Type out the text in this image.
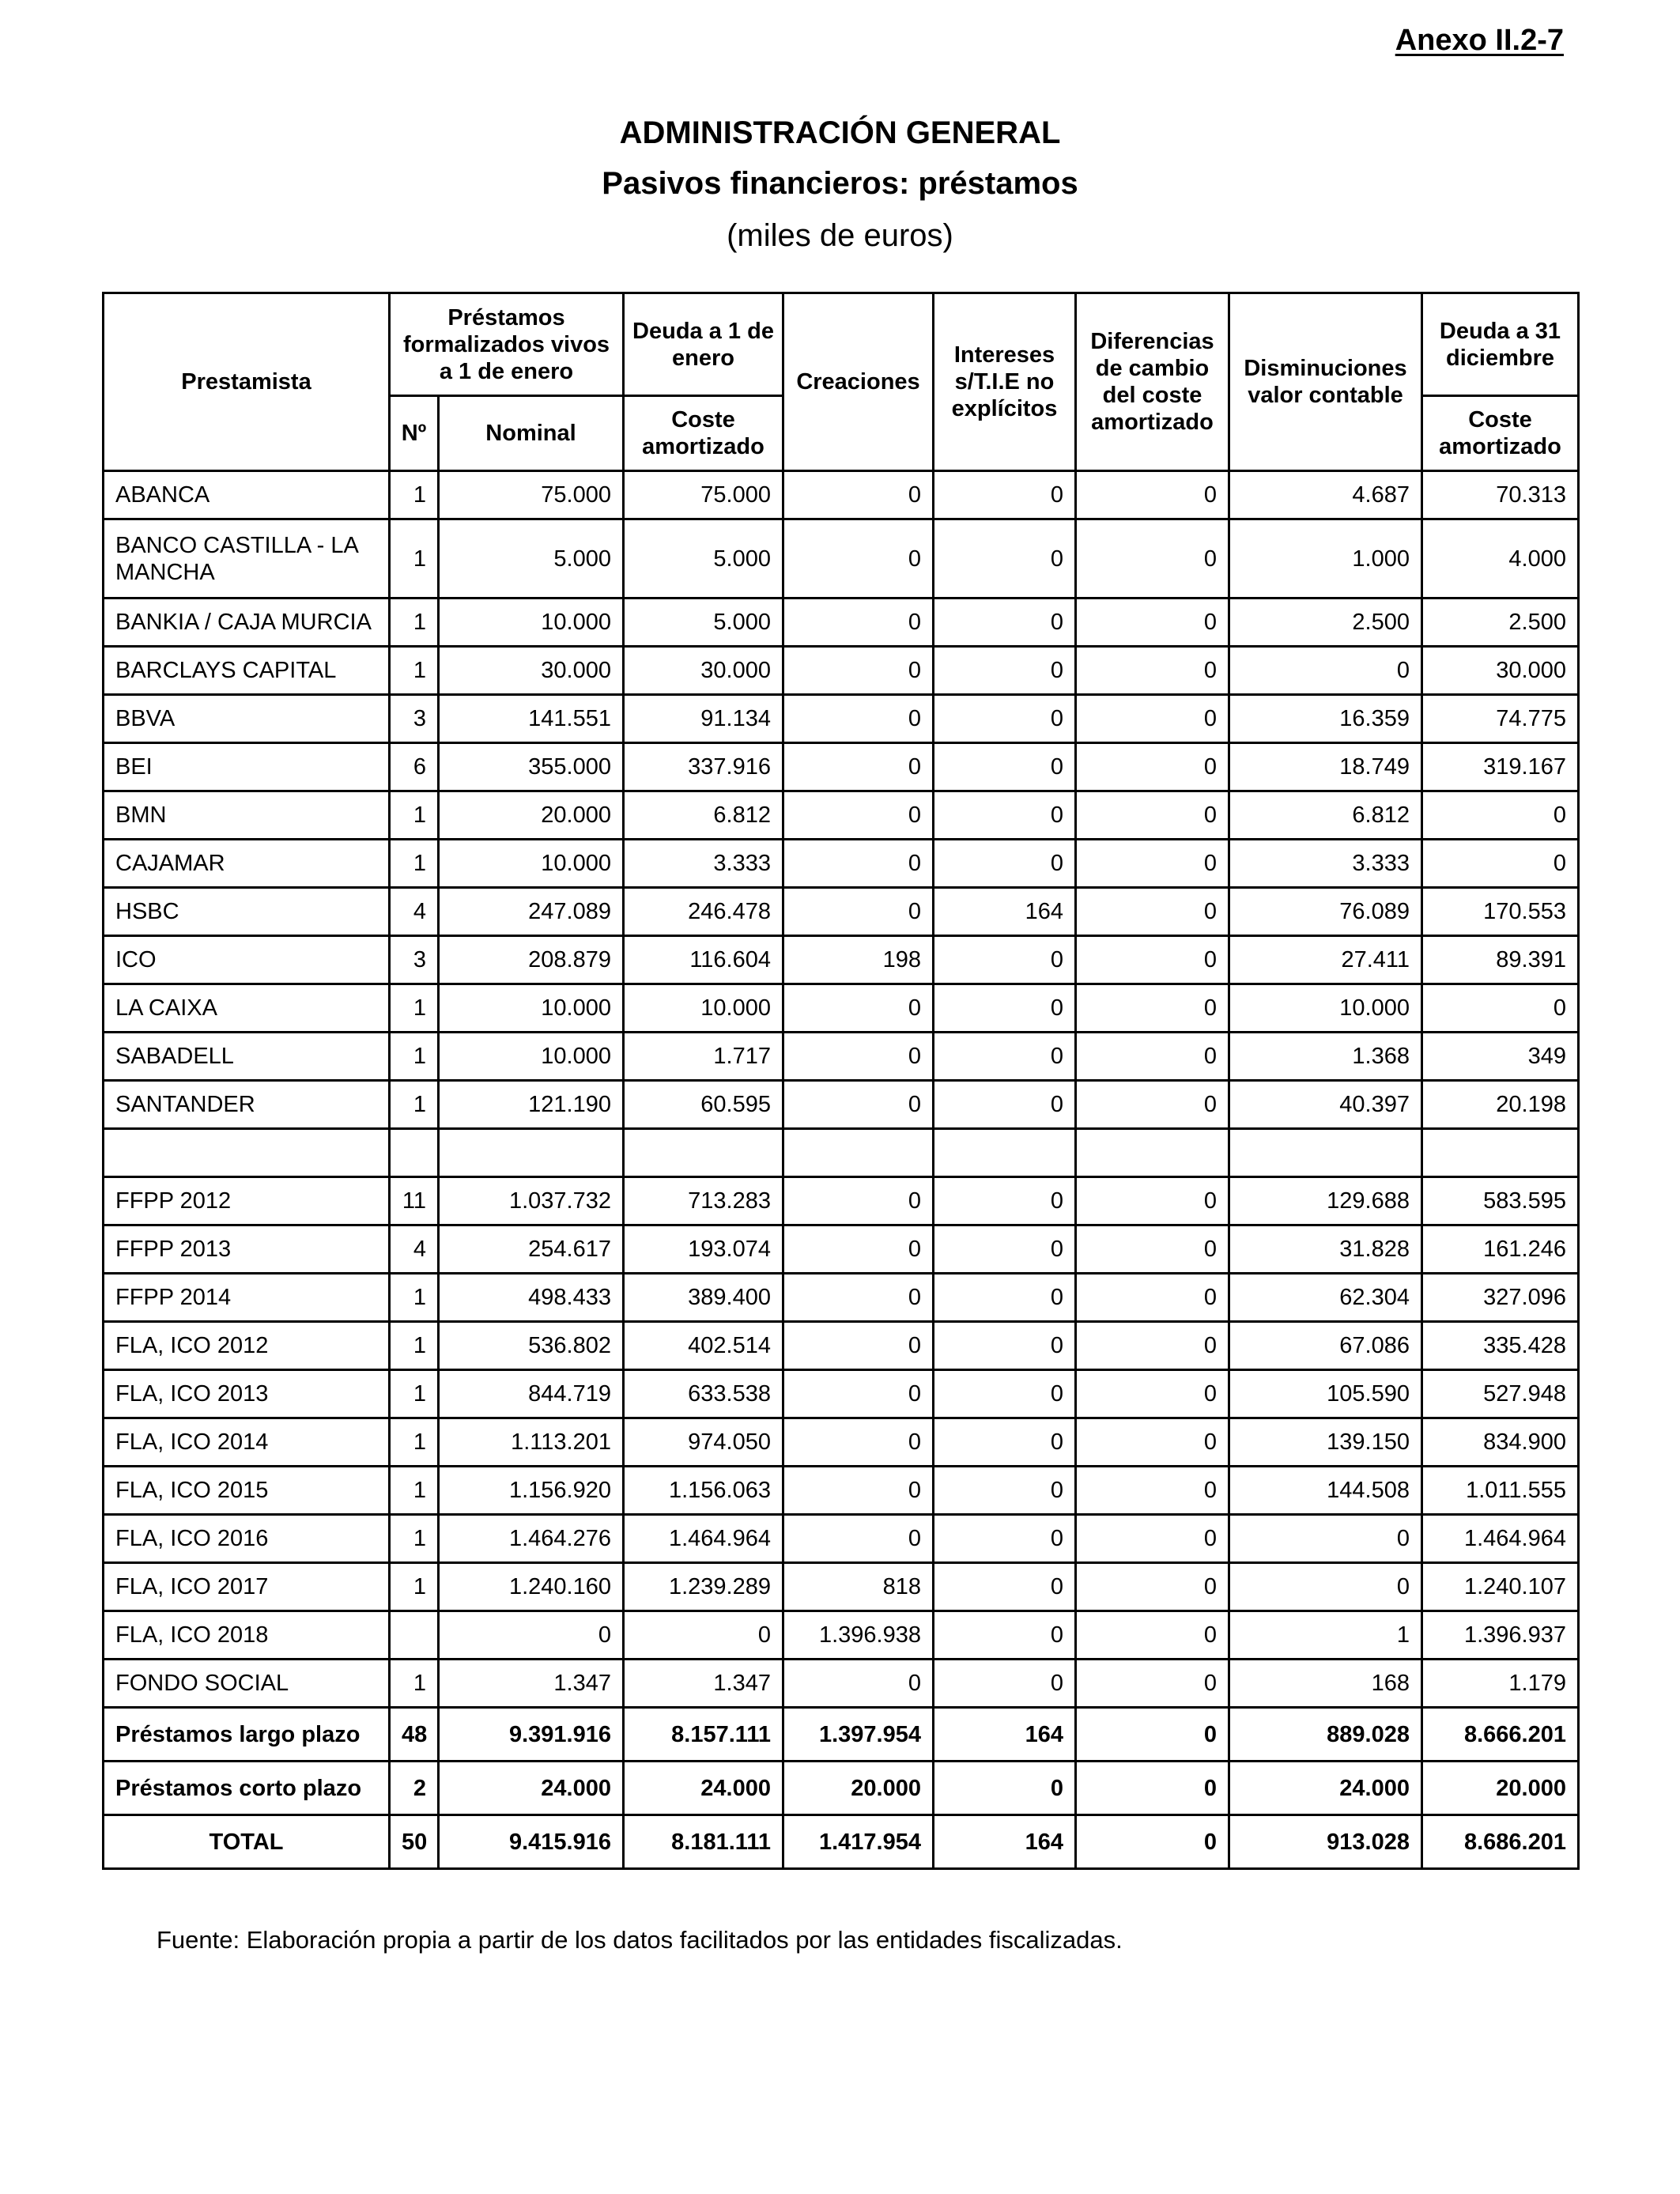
Anexo II.2-7
ADMINISTRACIÓN GENERAL
Pasivos financieros: préstamos
(miles de euros)
Prestamista	Préstamos formalizados vivos a 1 de enero		Deuda a 1 de enero	Creaciones	Intereses s/T.I.E no explícitos	Diferencias de cambio del coste amortizado	Disminuciones valor contable	Deuda a 31 diciembre
	Nº	Nominal	Coste amortizado					Coste amortizado
ABANCA	1	75.000	75.000	0	0	0	4.687	70.313
BANCO CASTILLA - LA MANCHA	1	5.000	5.000	0	0	0	1.000	4.000
BANKIA / CAJA MURCIA	1	10.000	5.000	0	0	0	2.500	2.500
BARCLAYS CAPITAL	1	30.000	30.000	0	0	0	0	30.000
BBVA	3	141.551	91.134	0	0	0	16.359	74.775
BEI	6	355.000	337.916	0	0	0	18.749	319.167
BMN	1	20.000	6.812	0	0	0	6.812	0
CAJAMAR	1	10.000	3.333	0	0	0	3.333	0
HSBC	4	247.089	246.478	0	164	0	76.089	170.553
ICO	3	208.879	116.604	198	0	0	27.411	89.391
LA CAIXA	1	10.000	10.000	0	0	0	10.000	0
SABADELL	1	10.000	1.717	0	0	0	1.368	349
SANTANDER	1	121.190	60.595	0	0	0	40.397	20.198

FFPP 2012	11	1.037.732	713.283	0	0	0	129.688	583.595
FFPP 2013	4	254.617	193.074	0	0	0	31.828	161.246
FFPP 2014	1	498.433	389.400	0	0	0	62.304	327.096
FLA, ICO 2012	1	536.802	402.514	0	0	0	67.086	335.428
FLA, ICO 2013	1	844.719	633.538	0	0	0	105.590	527.948
FLA, ICO 2014	1	1.113.201	974.050	0	0	0	139.150	834.900
FLA, ICO 2015	1	1.156.920	1.156.063	0	0	0	144.508	1.011.555
FLA, ICO 2016	1	1.464.276	1.464.964	0	0	0	0	1.464.964
FLA, ICO 2017	1	1.240.160	1.239.289	818	0	0	0	1.240.107
FLA, ICO 2018		0	0	1.396.938	0	0	1	1.396.937
FONDO SOCIAL	1	1.347	1.347	0	0	0	168	1.179
Préstamos largo plazo	48	9.391.916	8.157.111	1.397.954	164	0	889.028	8.666.201
Préstamos corto plazo	2	24.000	24.000	20.000	0	0	24.000	20.000
TOTAL	50	9.415.916	8.181.111	1.417.954	164	0	913.028	8.686.201
Fuente: Elaboración propia a partir de los datos facilitados por las entidades fiscalizadas.
